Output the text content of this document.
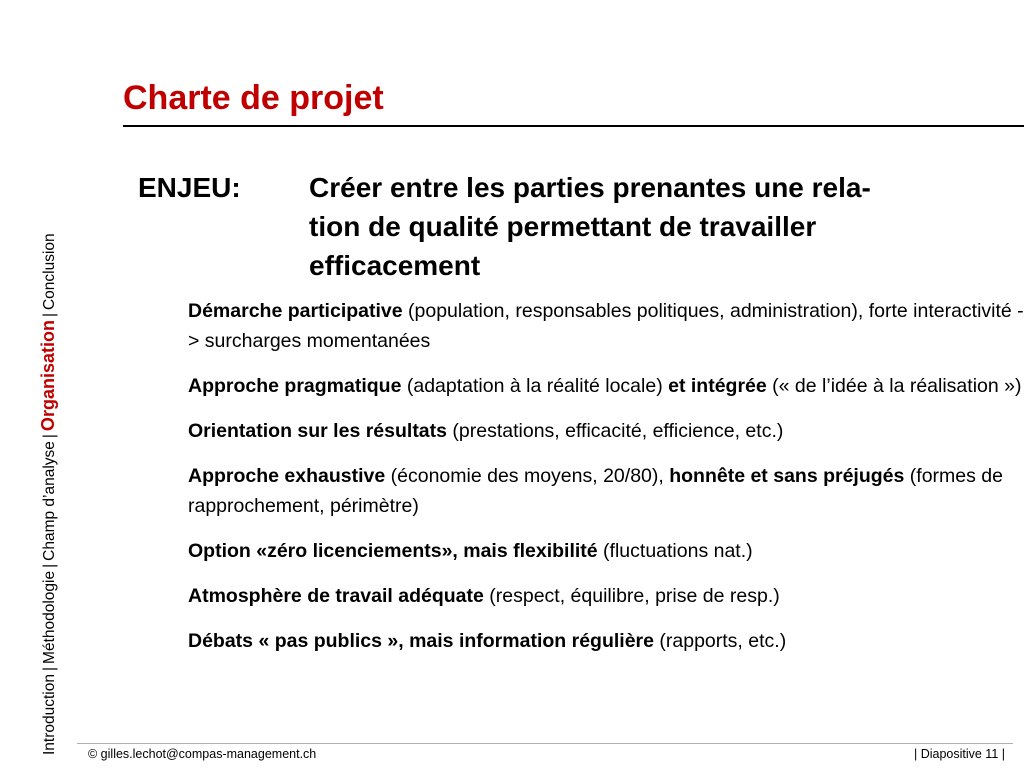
Introduction|Méthodologie|Champ d’analyse|Organisation|Conclusion
Charte de projet
ENJEU: Créer entre les parties prenantes une rela-
tion de qualité permettant de travailler
efficacement
Démarche participative (population, responsables politiques, administration), forte interactivité -> surcharges momentanées
Approche pragmatique (adaptation à la réalité locale) et intégrée (« de l’idée à la réalisation »)
Orientation sur les résultats (prestations, efficacité, efficience, etc.)
Approche exhaustive (économie des moyens, 20/80), honnête et sans préjugés (formes de rapprochement, périmètre)
Option «zéro licenciements», mais flexibilité (fluctuations nat.)
Atmosphère de travail adéquate (respect, équilibre, prise de resp.)
Débats « pas publics », mais information régulière (rapports, etc.)
© gilles.lechot@compas-management.ch	| Diapositive 11 |
